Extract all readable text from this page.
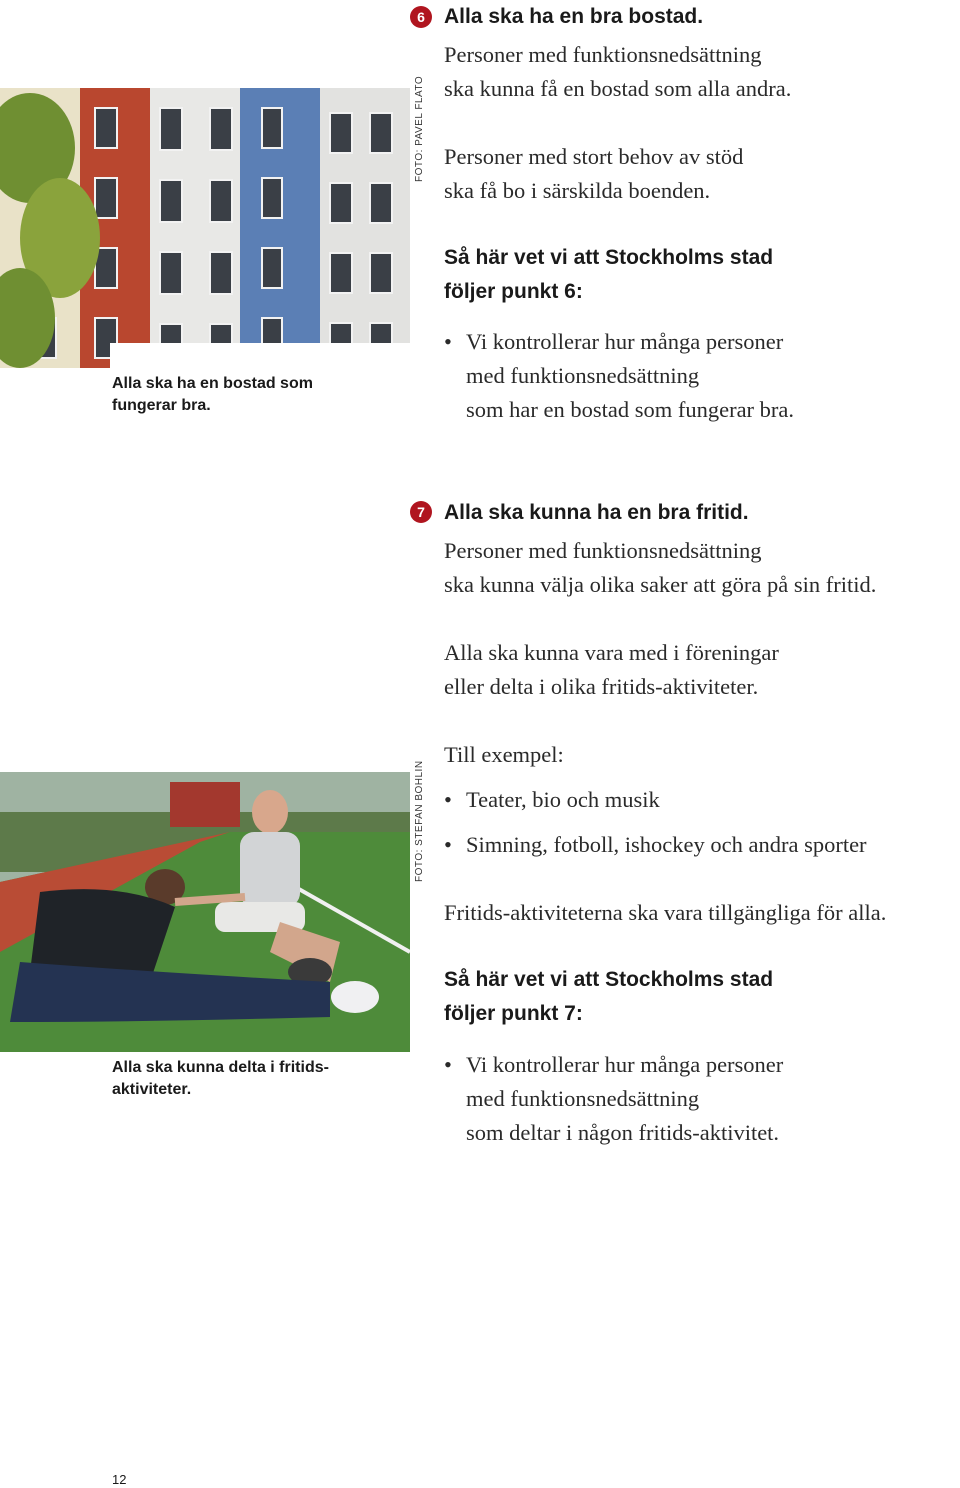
6 Alla ska ha en bra bostad.
Personer med funktionsnedsättning
ska kunna få en bostad som alla andra.
Personer med stort behov av stöd
ska få bo i särskilda boenden.
Så här vet vi att Stockholms stad
följer punkt 6:
• Vi kontrollerar hur många personer
med funktionsnedsättning
som har en bostad som fungerar bra.
FOTO: PAVEL FLATO
Alla ska ha en bostad som fungerar bra.
7 Alla ska kunna ha en bra fritid.
Personer med funktionsnedsättning
ska kunna välja olika saker att göra på sin fritid.
Alla ska kunna vara med i föreningar
eller delta i olika fritids-aktiviteter.
Till exempel:
• Teater, bio och musik
• Simning, fotboll, ishockey och andra sporter
Fritids-aktiviteterna ska vara tillgängliga för alla.
Så här vet vi att Stockholms stad
följer punkt 7:
• Vi kontrollerar hur många personer
med funktionsnedsättning
som deltar i någon fritids-aktivitet.
FOTO: STEFAN BOHLIN
Alla ska kunna delta i fritids-aktiviteter.
12
